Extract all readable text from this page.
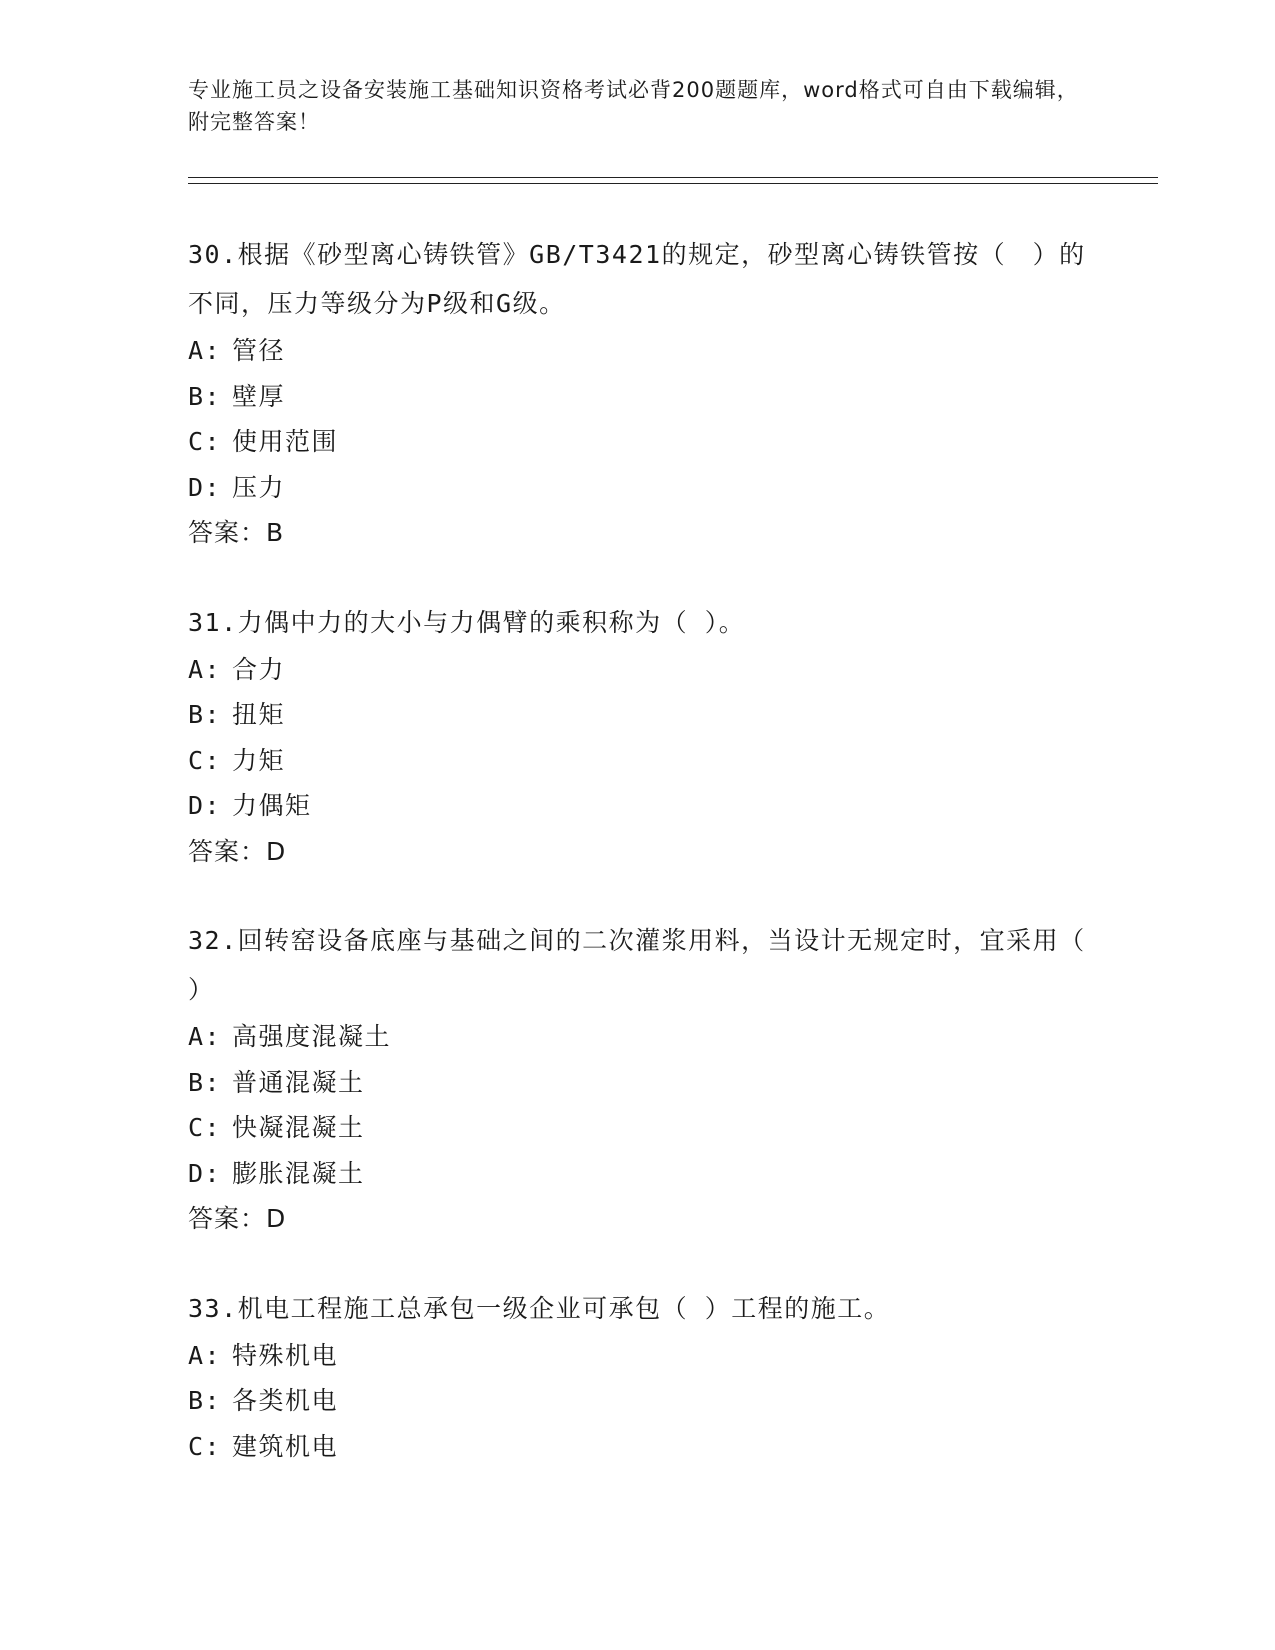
专业施工员之设备安装施工基础知识资格考试必背200题题库，word格式可自由下载编辑，附完整答案！
30.根据《砂型离心铸铁管》GB/T3421的规定，砂型离心铸铁管按（　）的不同，压力等级分为P级和G级。
A: 管径
B: 壁厚
C: 使用范围
D: 压力
答案：B
31.力偶中力的大小与力偶臂的乘积称为（ ）。
A: 合力
B: 扭矩
C: 力矩
D: 力偶矩
答案：D
32.回转窑设备底座与基础之间的二次灌浆用料，当设计无规定时，宜采用（ ）
A: 高强度混凝土
B: 普通混凝土
C: 快凝混凝土
D: 膨胀混凝土
答案：D
33.机电工程施工总承包一级企业可承包（ ）工程的施工。
A: 特殊机电
B: 各类机电
C: 建筑机电
